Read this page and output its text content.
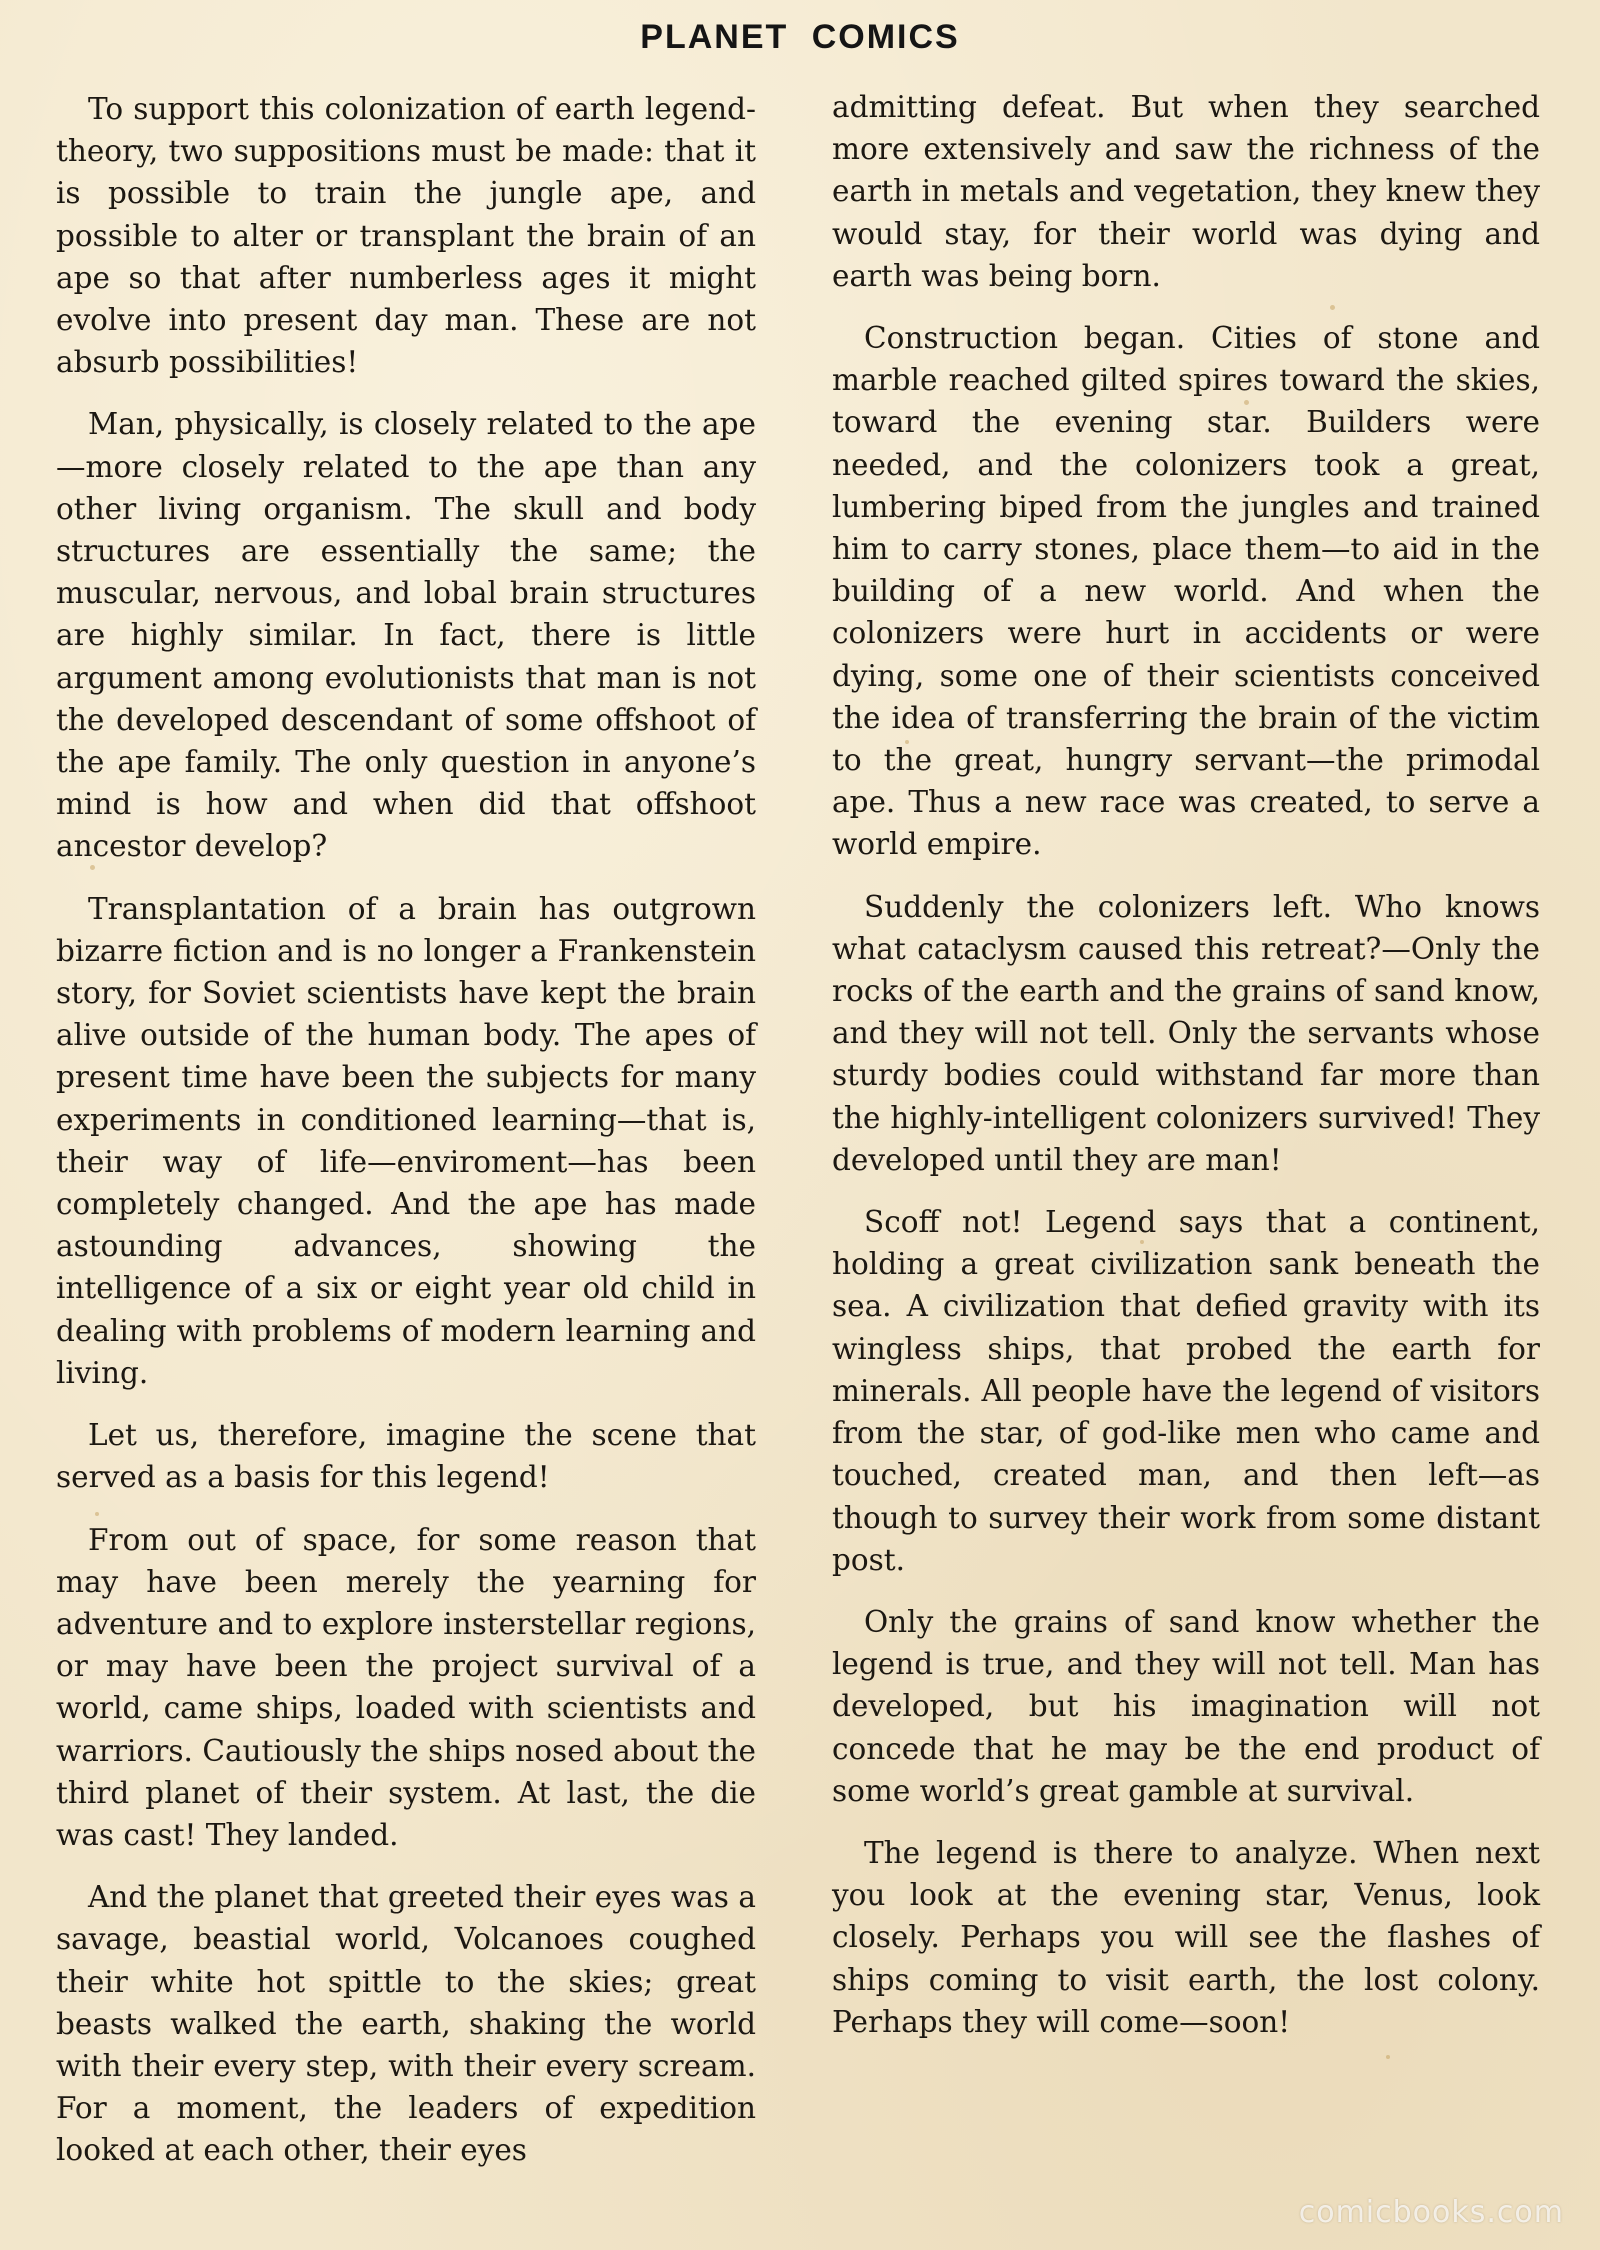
PLANET COMICS

To support this colonization of earth legend-theory, two suppositions must be made: that it is possible to train the jungle ape, and possible to alter or transplant the brain of an ape so that after numberless ages it might evolve into present day man. These are not absurb possibilities!

Man, physically, is closely related to the ape—more closely related to the ape than any other living organism. The skull and body structures are essentially the same; the muscular, nervous, and lobal brain structures are highly similar. In fact, there is little argument among evolutionists that man is not the developed descendant of some offshoot of the ape family. The only question in anyone’s mind is how and when did that offshoot ancestor develop?

Transplantation of a brain has outgrown bizarre fiction and is no longer a Frankenstein story, for Soviet scientists have kept the brain alive outside of the human body. The apes of present time have been the subjects for many experiments in conditioned learning—that is, their way of life—enviroment—has been completely changed. And the ape has made astounding advances, showing the intelligence of a six or eight year old child in dealing with problems of modern learning and living.

Let us, therefore, imagine the scene that served as a basis for this legend!

From out of space, for some reason that may have been merely the yearning for adventure and to explore insterstellar regions, or may have been the project survival of a world, came ships, loaded with scientists and warriors. Cautiously the ships nosed about the third planet of their system. At last, the die was cast! They landed.

And the planet that greeted their eyes was a savage, beastial world, Volcanoes coughed their white hot spittle to the skies; great beasts walked the earth, shaking the world with their every step, with their every scream. For a moment, the leaders of expedition looked at each other, their eyes

admitting defeat. But when they searched more extensively and saw the richness of the earth in metals and vegetation, they knew they would stay, for their world was dying and earth was being born.

Construction began. Cities of stone and marble reached gilted spires toward the skies, toward the evening star. Builders were needed, and the colonizers took a great, lumbering biped from the jungles and trained him to carry stones, place them—to aid in the building of a new world. And when the colonizers were hurt in accidents or were dying, some one of their scientists conceived the idea of transferring the brain of the victim to the great, hungry servant—the primodal ape. Thus a new race was created, to serve a world empire.

Suddenly the colonizers left. Who knows what cataclysm caused this retreat?—Only the rocks of the earth and the grains of sand know, and they will not tell. Only the servants whose sturdy bodies could withstand far more than the highly-intelligent colonizers survived! They developed until they are man!

Scoff not! Legend says that a continent, holding a great civilization sank beneath the sea. A civilization that defied gravity with its wingless ships, that probed the earth for minerals. All people have the legend of visitors from the star, of god-like men who came and touched, created man, and then left—as though to survey their work from some distant post.

Only the grains of sand know whether the legend is true, and they will not tell. Man has developed, but his imagination will not concede that he may be the end product of some world’s great gamble at survival.

The legend is there to analyze. When next you look at the evening star, Venus, look closely. Perhaps you will see the flashes of ships coming to visit earth, the lost colony. Perhaps they will come—soon!

comicbooks.com
